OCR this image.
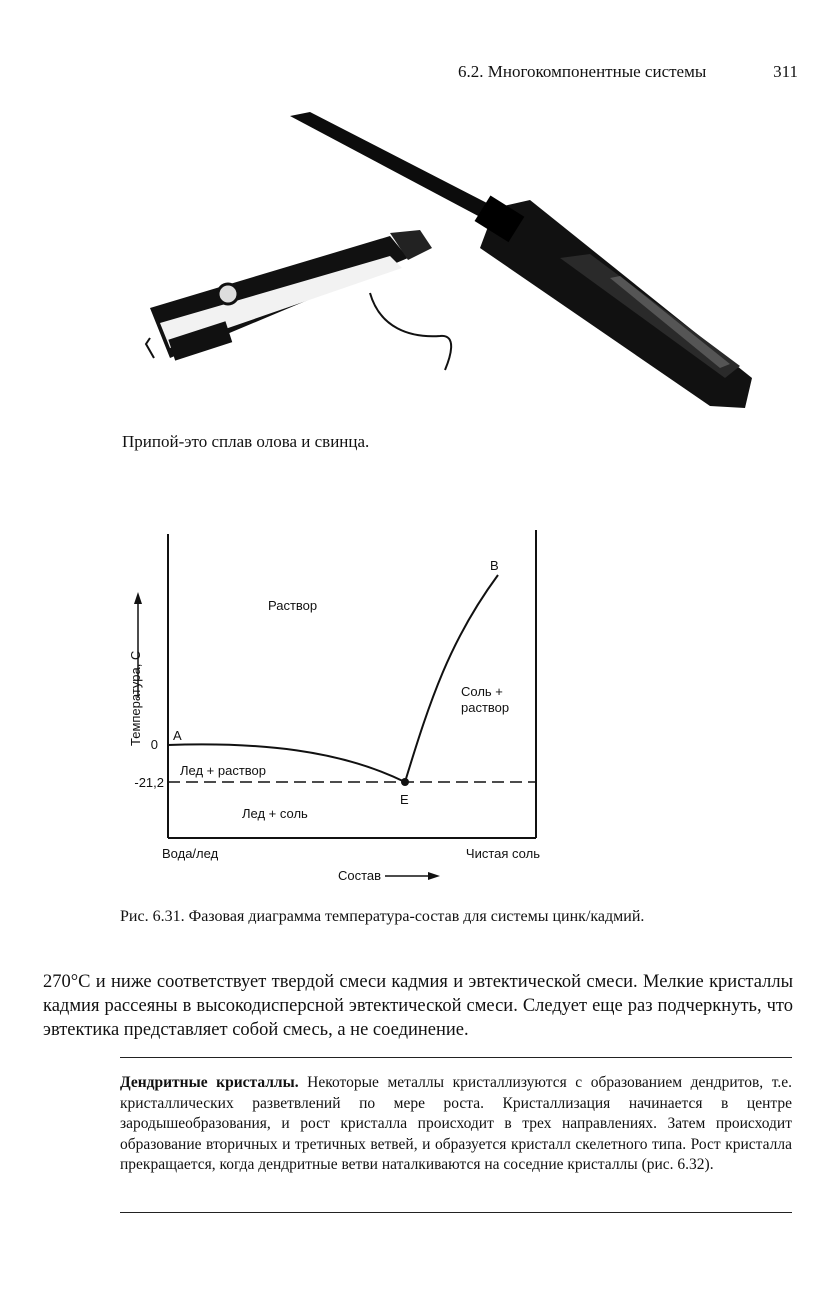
6.2. Многокомпонентные системы	311
Припой-это сплав олова и свинца.
Температура, С 0
-21,2
A
B
E
Раствор
Соль +
раствор
Лед + раствор
Лед + соль
Вода/лед	Чистая соль
Состав
Рис. 6.31. Фазовая диаграмма температура-состав для системы цинк/кадмий.
270°С и ниже соответствует твердой смеси кадмия и эвтектической смеси. Мелкие кристаллы кадмия рассеяны в высокодисперсной эвтектической смеси. Следует еще раз подчеркнуть, что эвтектика представляет собой смесь, а не соединение.
Дендритные кристаллы. Некоторые металлы кристаллизуются с образованием дендритов, т.е. кристаллических разветвлений по мере роста. Кристаллизация начинается в центре зародышеобразования, и рост кристалла происходит в трех направлениях. Затем происходит образование вторичных и третичных ветвей, и образуется кристалл скелетного типа. Рост кристалла прекращается, когда дендритные ветви наталкиваются на соседние кристаллы (рис. 6.32).
